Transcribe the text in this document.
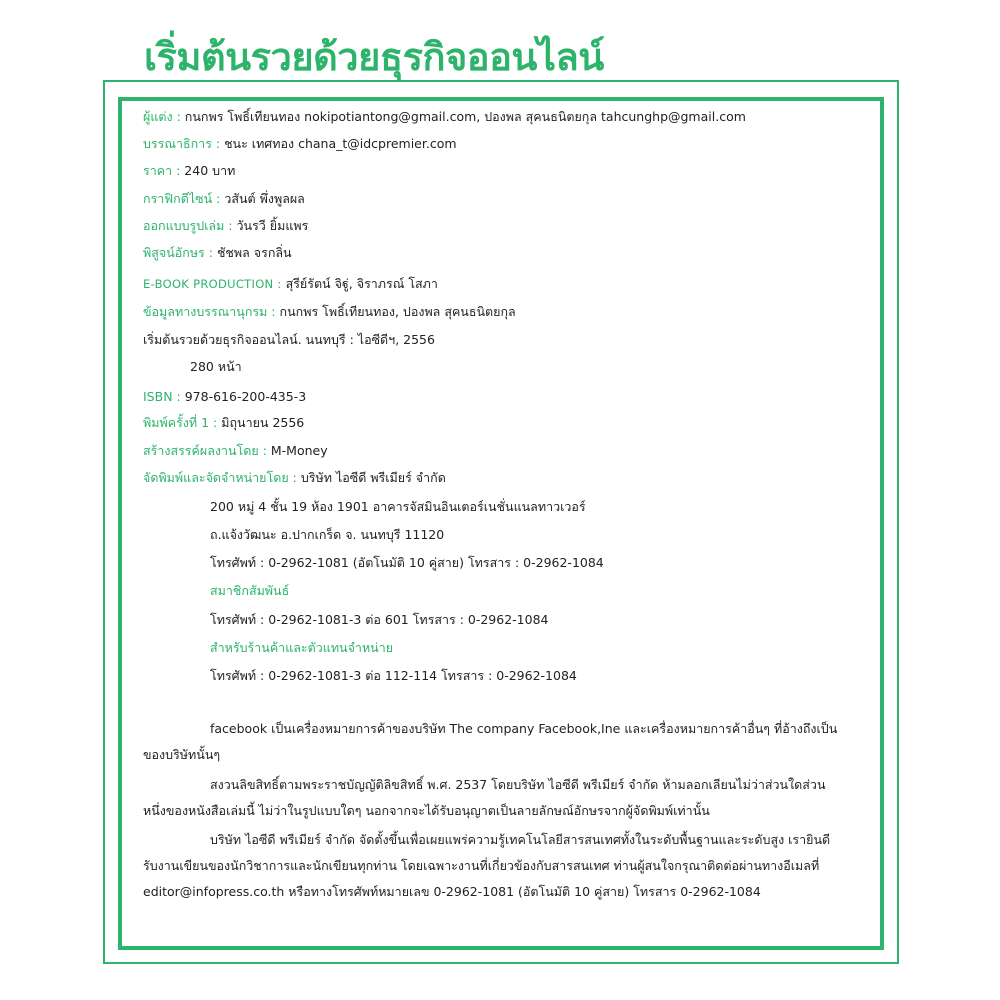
เริ่มต้นรวยด้วยธุรกิจออนไลน์
ผู้แต่ง : กนกพร โพธิ์เทียนทอง nokipotiantong@gmail.com, ปองพล สุคนธนิตยกุล tahcunghp@gmail.com
บรรณาธิการ : ชนะ เทศทอง chana_t@idcpremier.com
ราคา : 240 บาท
กราฟิกดีไซน์ : วสันต์ พึ่งพูลผล
ออกแบบรูปเล่ม : วันรวี ยิ้มแพร
พิสูจน์อักษร : ชัชพล จรกลิ่น
E-BOOK PRODUCTION : สุรีย์รัตน์ จิฐู่, จิราภรณ์ โสภา
ข้อมูลทางบรรณานุกรม : กนกพร โพธิ์เทียนทอง, ปองพล สุคนธนิตยกุล
เริ่มต้นรวยด้วยธุรกิจออนไลน์. นนทบุรี : ไอซีดีฯ, 2556
280 หน้า
ISBN : 978-616-200-435-3
พิมพ์ครั้งที่ 1 : มิถุนายน 2556
สร้างสรรค์ผลงานโดย : M-Money
จัดพิมพ์และจัดจำหน่ายโดย : บริษัท ไอซีดี พรีเมียร์ จำกัด
200 หมู่ 4 ชั้น 19 ห้อง 1901 อาคารจัสมินอินเตอร์เนชั่นแนลทาวเวอร์
ถ.แจ้งวัฒนะ อ.ปากเกร็ด จ. นนทบุรี 11120
โทรศัพท์ : 0-2962-1081 (อัตโนมัติ 10 คู่สาย) โทรสาร : 0-2962-1084
สมาชิกสัมพันธ์
โทรศัพท์ : 0-2962-1081-3 ต่อ 601 โทรสาร : 0-2962-1084
สำหรับร้านค้าและตัวแทนจำหน่าย
โทรศัพท์ : 0-2962-1081-3 ต่อ 112-114 โทรสาร : 0-2962-1084
facebook เป็นเครื่องหมายการค้าของบริษัท The company Facebook,Ine และเครื่องหมายการค้าอื่นๆ ที่อ้างถึงเป็นของบริษัทนั้นๆ
สงวนลิขสิทธิ์ตามพระราชบัญญัติลิขสิทธิ์ พ.ศ. 2537 โดยบริษัท ไอซีดี พรีเมียร์ จำกัด ห้ามลอกเลียนไม่ว่าส่วนใดส่วนหนึ่งของหนังสือเล่มนี้ ไม่ว่าในรูปแบบใดๆ นอกจากจะได้รับอนุญาตเป็นลายลักษณ์อักษรจากผู้จัดพิมพ์เท่านั้น
บริษัท ไอซีดี พรีเมียร์ จำกัด จัดตั้งขึ้นเพื่อเผยแพร่ความรู้เทคโนโลยีสารสนเทศทั้งในระดับพื้นฐานและระดับสูง เรายินดีรับงานเขียนของนักวิชาการและนักเขียนทุกท่าน โดยเฉพาะงานที่เกี่ยวข้องกับสารสนเทศ ท่านผู้สนใจกรุณาติดต่อผ่านทางอีเมลที่ editor@infopress.co.th หรือทางโทรศัพท์หมายเลข 0-2962-1081 (อัตโนมัติ 10 คู่สาย) โทรสาร 0-2962-1084
